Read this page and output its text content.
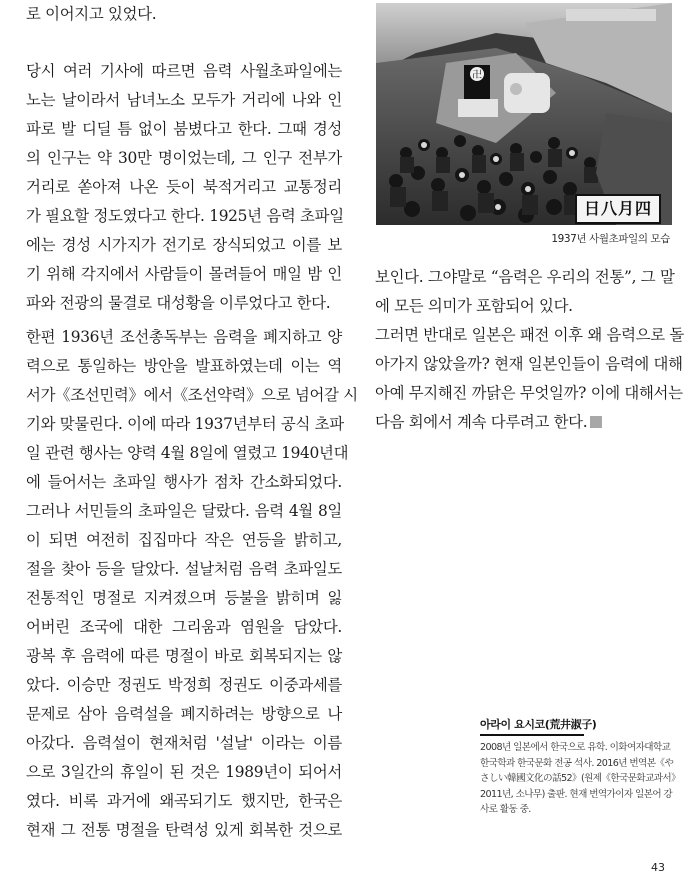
로 이어지고 있었다.
당시 여러 기사에 따르면 음력 사월초파일에는
노는 날이라서 남녀노소 모두가 거리에 나와 인
파로 발 디딜 틈 없이 붐볐다고 한다. 그때 경성
의 인구는 약 30만 명이었는데, 그 인구 전부가
거리로 쏟아져 나온 듯이 북적거리고 교통정리
가 필요할 정도였다고 한다. 1925년 음력 초파일
에는 경성 시가지가 전기로 장식되었고 이를 보
기 위해 각지에서 사람들이 몰려들어 매일 밤 인
파와 전광의 물결로 대성황을 이루었다고 한다.
한편 1936년 조선총독부는 음력을 폐지하고 양
력으로 통일하는 방안을 발표하였는데 이는 역
서가《조선민력》에서《조선약력》으로 넘어갈 시
기와 맞물린다. 이에 따라 1937년부터 공식 초파
일 관련 행사는 양력 4월 8일에 열렸고 1940년대
에 들어서는 초파일 행사가 점차 간소화되었다.
그러나 서민들의 초파일은 달랐다. 음력 4월 8일
이 되면 여전히 집집마다 작은 연등을 밝히고,
절을 찾아 등을 달았다. 설날처럼 음력 초파일도
전통적인 명절로 지켜졌으며 등불을 밝히며 잃
어버린 조국에 대한 그리움과 염원을 담았다.
광복 후 음력에 따른 명절이 바로 회복되지는 않
았다. 이승만 정권도 박정희 정권도 이중과세를
문제로 삼아 음력설을 폐지하려는 방향으로 나
아갔다. 음력설이 현재처럼 '설날' 이라는 이름
으로 3일간의 휴일이 된 것은 1989년이 되어서
였다. 비록 과거에 왜곡되기도 했지만, 한국은
현재 그 전통 명절을 탄력성 있게 회복한 것으로
卍
日八月四
1937년 사월초파일의 모습
보인다. 그야말로 “음력은 우리의 전통”, 그 말
에 모든 의미가 포함되어 있다.
그러면 반대로 일본은 패전 이후 왜 음력으로 돌
아가지 않았을까? 현재 일본인들이 음력에 대해
아예 무지해진 까닭은 무엇일까? 이에 대해서는
다음 회에서 계속 다루려고 한다.
아라이 요시코(荒井淑子)
2008년 일본에서 한국으로 유학. 이화여자대학교
한국학과 한국문화 전공 석사. 2016년 번역본《や
さしい韓國文化の話52》(원제《한국문화교과서》
2011년, 소나무) 출판. 현재 번역가이자 일본어 강
사로 활동 중.
43
